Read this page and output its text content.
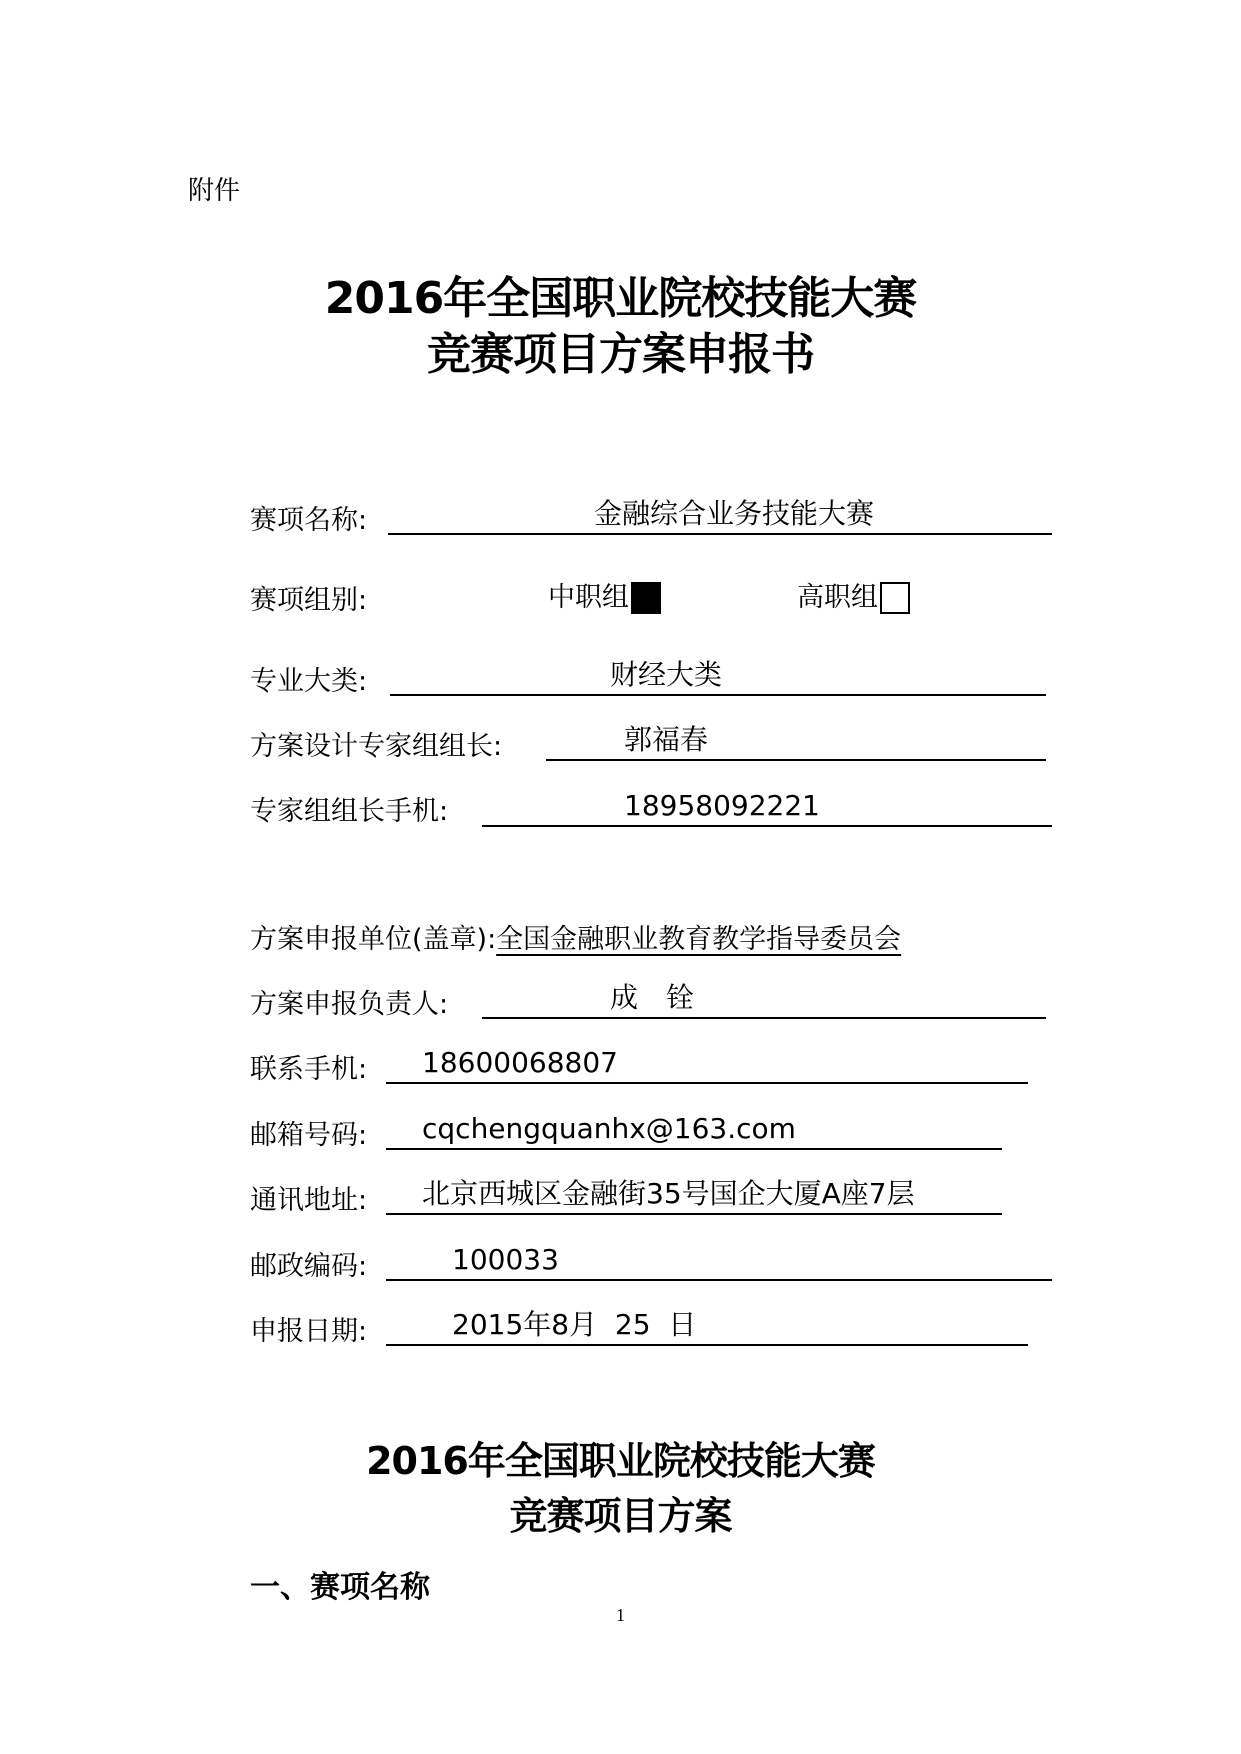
附件
2016年全国职业院校技能大赛
竞赛项目方案申报书
赛项名称:	金融综合业务技能大赛
赛项组别:	中职组	高职组
专业大类:	财经大类
方案设计专家组组长:	郭福春
专家组组长手机:	18958092221
方案申报单位(盖章): 全国金融职业教育教学指导委员会
方案申报负责人:	成　铨
联系手机: 18600068807
邮箱号码: cqchengquanhx@163.com
通讯地址: 北京西城区金融街35号国企大厦A座7层
邮政编码:	100033
申报日期:	2015年8月  25  日
2016年全国职业院校技能大赛
竞赛项目方案
一、赛项名称
1
